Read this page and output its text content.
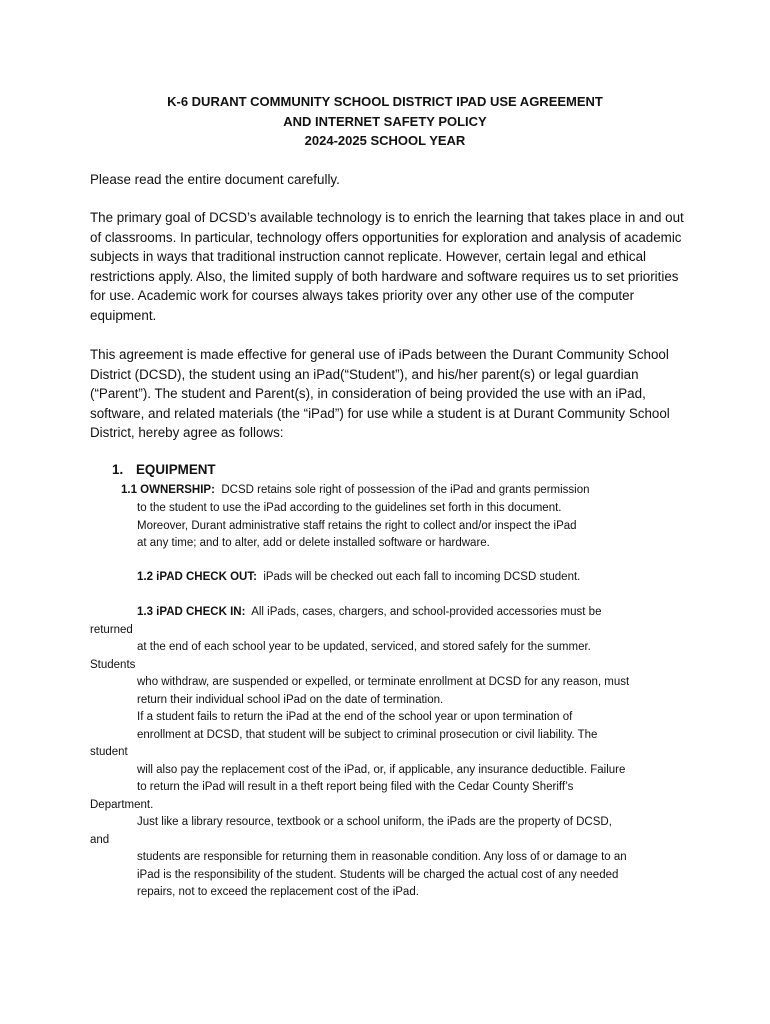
K-6 DURANT COMMUNITY SCHOOL DISTRICT IPAD USE AGREEMENT
AND INTERNET SAFETY POLICY
2024-2025 SCHOOL YEAR

Please read the entire document carefully.

The primary goal of DCSD’s available technology is to enrich the learning that takes place in and out of classrooms. In particular, technology offers opportunities for exploration and analysis of academic subjects in ways that traditional instruction cannot replicate. However, certain legal and ethical restrictions apply. Also, the limited supply of both hardware and software requires us to set priorities for use. Academic work for courses always takes priority over any other use of the computer equipment.

This agreement is made effective for general use of iPads between the Durant Community School District (DCSD), the student using an iPad(“Student”), and his/her parent(s) or legal guardian (“Parent”). The student and Parent(s), in consideration of being provided the use with an iPad, software, and related materials (the “iPad”) for use while a student is at Durant Community School District, hereby agree as follows:

1. EQUIPMENT
1.1 OWNERSHIP: DCSD retains sole right of possession of the iPad and grants permission
to the student to use the iPad according to the guidelines set forth in this document.
Moreover, Durant administrative staff retains the right to collect and/or inspect the iPad
at any time; and to alter, add or delete installed software or hardware.
1.2 iPAD CHECK OUT: iPads will be checked out each fall to incoming DCSD student.
1.3 iPAD CHECK IN: All iPads, cases, chargers, and school-provided accessories must be
returned
at the end of each school year to be updated, serviced, and stored safely for the summer.
Students
who withdraw, are suspended or expelled, or terminate enrollment at DCSD for any reason, must
return their individual school iPad on the date of termination.
If a student fails to return the iPad at the end of the school year or upon termination of
enrollment at DCSD, that student will be subject to criminal prosecution or civil liability. The
student
will also pay the replacement cost of the iPad, or, if applicable, any insurance deductible. Failure
to return the iPad will result in a theft report being filed with the Cedar County Sheriff’s
Department.
Just like a library resource, textbook or a school uniform, the iPads are the property of DCSD,
and
students are responsible for returning them in reasonable condition. Any loss of or damage to an
iPad is the responsibility of the student. Students will be charged the actual cost of any needed
repairs, not to exceed the replacement cost of the iPad.
